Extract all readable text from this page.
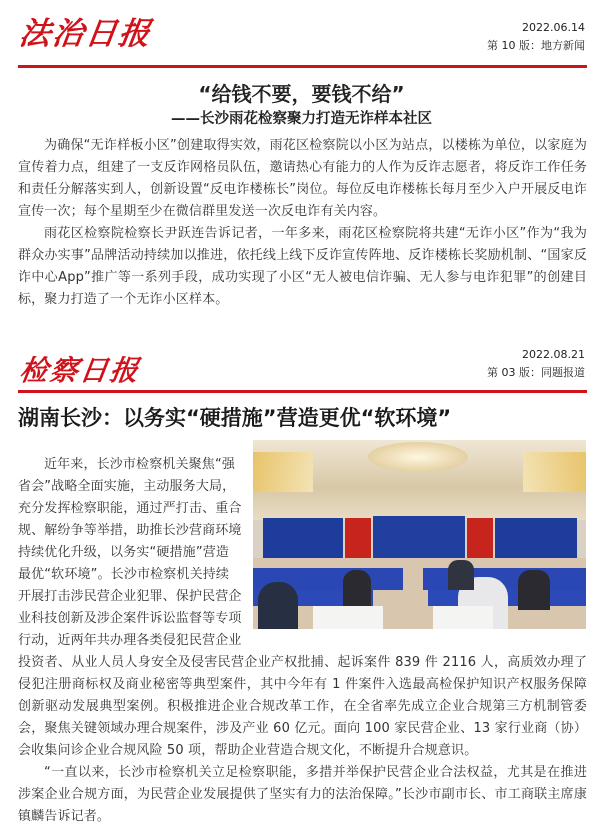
法治日报	2022.06.14
第 10 版：地方新闻
“给钱不要，要钱不给”
——长沙雨花检察聚力打造无诈样本社区

为确保“无诈样板小区”创建取得实效，雨花区检察院以小区为站点，以楼栋为单位，以家庭为宣传着力点，组建了一支反诈网格员队伍，邀请热心有能力的人作为反诈志愿者，将反诈工作任务和责任分解落实到人，创新设置“反电诈楼栋长”岗位。每位反电诈楼栋长每月至少入户开展反电诈宣传一次；每个星期至少在微信群里发送一次反电诈有关内容。

雨花区检察院检察长尹跃连告诉记者，一年多来，雨花区检察院将共建“无诈小区”作为“我为群众办实事”品牌活动持续加以推进，依托线上线下反诈宣传阵地、反诈楼栋长奖励机制、“国家反诈中心App”推广等一系列手段，成功实现了小区“无人被电信诈骗、无人参与电诈犯罪”的创建目标，聚力打造了一个无诈小区样本。

检察日报	2022.08.21
第 03 版：同题报道
湖南长沙：以务实“硬措施”营造更优“软环境”
近年来，长沙市检察机关聚焦“强
省会”战略全面实施，主动服务大局，
充分发挥检察职能，通过严打击、重合
规、解纷争等举措，助推长沙营商环境
持续优化升级，以务实“硬措施”营造
最优“软环境”。长沙市检察机关持续
开展打击涉民营企业犯罪、保护民营企
业科技创新及涉企案件诉讼监督等专项
行动，近两年共办理各类侵犯民营企业

投资者、从业人员人身安全及侵害民营企业产权批捕、起诉案件 839 件 2116 人，高质效办理了侵犯注册商标权及商业秘密等典型案件，其中今年有 1 件案件入选最高检保护知识产权服务保障创新驱动发展典型案例。积极推进企业合规改革工作，在全省率先成立企业合规第三方机制管委会，聚焦关键领域办理合规案件，涉及产业 60 亿元。面向 100 家民营企业、13 家行业商（协）会收集问诊企业合规风险 50 项，帮助企业营造合规文化，不断提升合规意识。

“一直以来，长沙市检察机关立足检察职能，多措并举保护民营企业合法权益，尤其是在推进涉案企业合规方面，为民营企业发展提供了坚实有力的法治保障。”长沙市副市长、市工商联主席康镇麟告诉记者。
